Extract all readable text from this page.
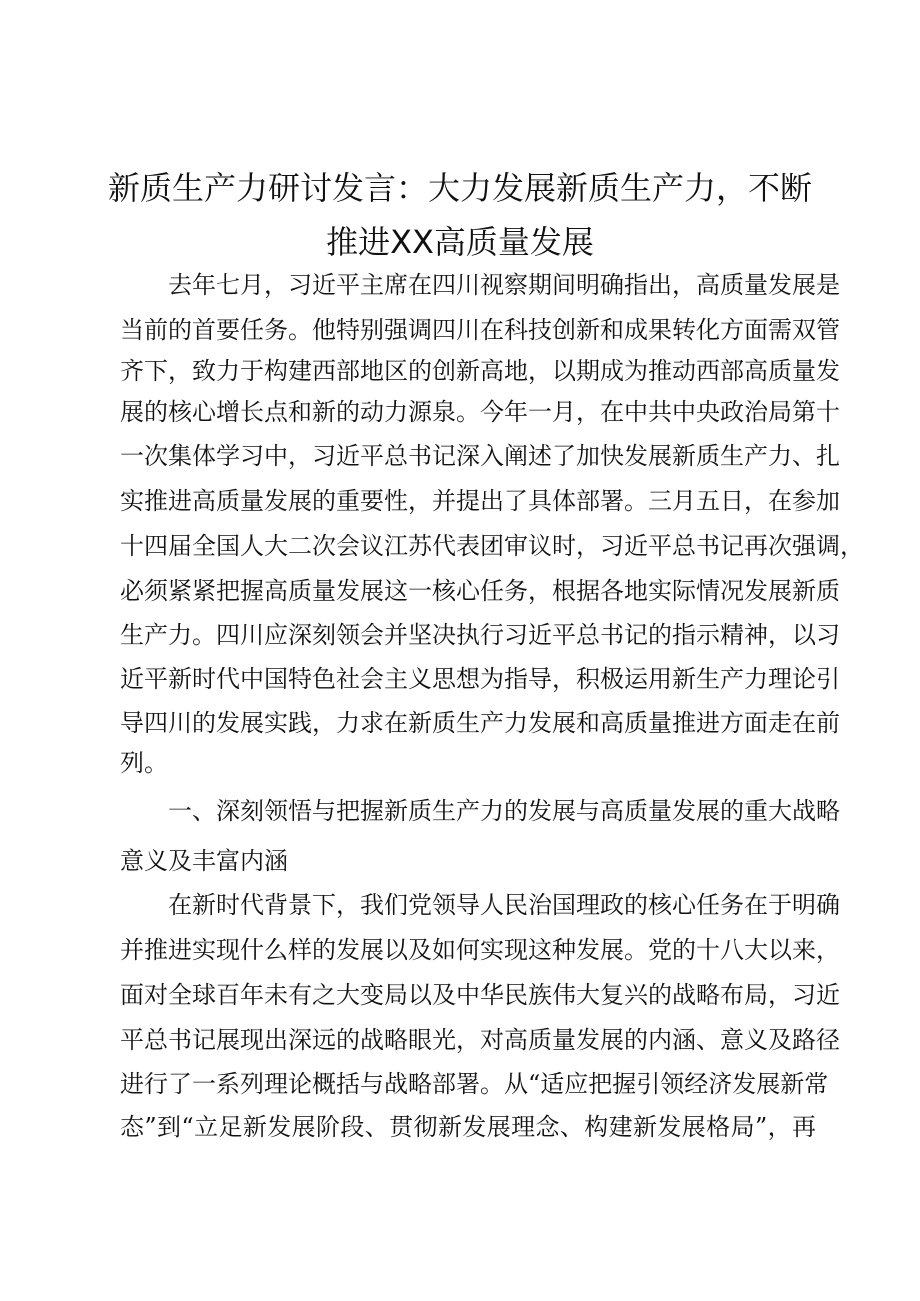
新质生产力研讨发言：大力发展新质生产力，不断
推进XX高质量发展
去年七月，习近平主席在四川视察期间明确指出，高质量发展是
当前的首要任务。他特别强调四川在科技创新和成果转化方面需双管
齐下，致力于构建西部地区的创新高地，以期成为推动西部高质量发
展的核心增长点和新的动力源泉。今年一月，在中共中央政治局第十
一次集体学习中，习近平总书记深入阐述了加快发展新质生产力、扎
实推进高质量发展的重要性，并提出了具体部署。三月五日，在参加
十四届全国人大二次会议江苏代表团审议时，习近平总书记再次强调，
必须紧紧把握高质量发展这一核心任务，根据各地实际情况发展新质
生产力。四川应深刻领会并坚决执行习近平总书记的指示精神，以习
近平新时代中国特色社会主义思想为指导，积极运用新生产力理论引
导四川的发展实践，力求在新质生产力发展和高质量推进方面走在前
列。
一、深刻领悟与把握新质生产力的发展与高质量发展的重大战略
意义及丰富内涵
在新时代背景下，我们党领导人民治国理政的核心任务在于明确
并推进实现什么样的发展以及如何实现这种发展。党的十八大以来，
面对全球百年未有之大变局以及中华民族伟大复兴的战略布局，习近
平总书记展现出深远的战略眼光，对高质量发展的内涵、意义及路径
进行了一系列理论概括与战略部署。从“适应把握引领经济发展新常
态”到“立足新发展阶段、贯彻新发展理念、构建新发展格局”，再
